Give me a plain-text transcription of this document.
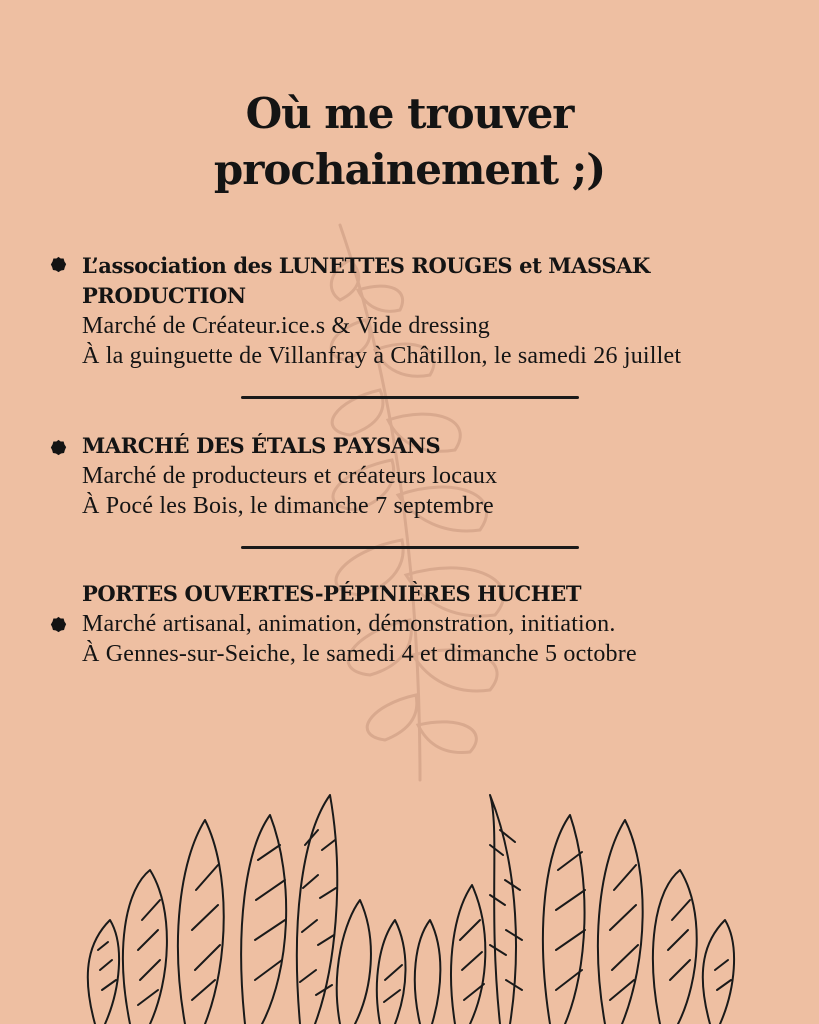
Où me trouver
prochainement ;)
L’association des LUNETTES ROUGES et MASSAK
PRODUCTION
Marché de Créateur.ice.s & Vide dressing
À la guinguette de Villanfray à Châtillon, le samedi 26 juillet
MARCHÉ DES ÉTALS PAYSANS
Marché de producteurs et créateurs locaux
À Pocé les Bois, le dimanche 7 septembre
PORTES OUVERTES-PÉPINIÈRES HUCHET
Marché artisanal, animation, démonstration, initiation.
À Gennes-sur-Seiche, le samedi 4 et dimanche 5 octobre
